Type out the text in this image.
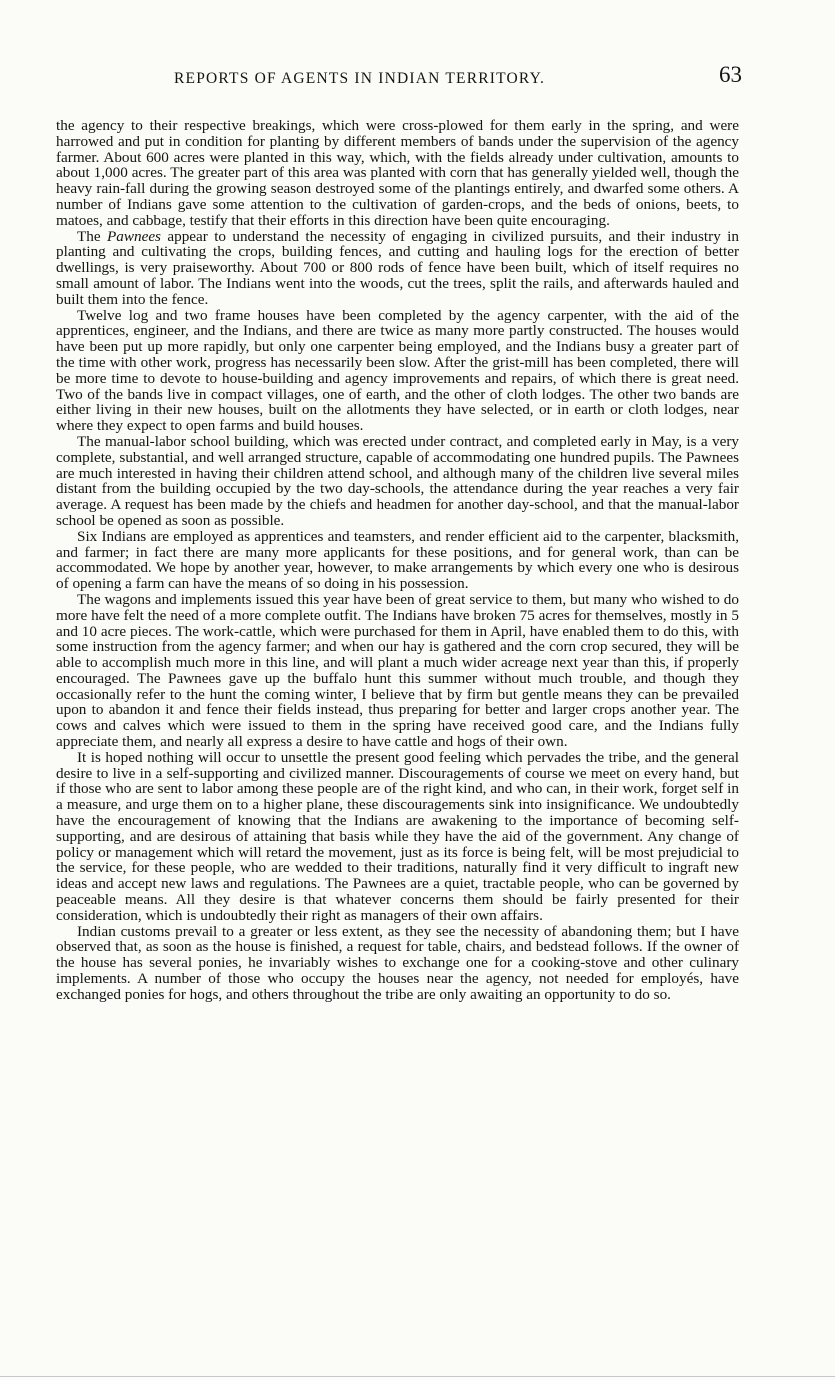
REPORTS OF AGENTS IN INDIAN TERRITORY.	63

the agency to their respective breakings, which were cross-plowed for them early in the spring, and were harrowed and put in condition for planting by different members of bands under the supervision of the agency farmer. About 600 acres were planted in this way, which, with the fields already under cultivation, amounts to about 1,000 acres. The greater part of this area was planted with corn that has generally yielded well, though the heavy rain-fall during the growing season destroyed some of the plantings entirely, and dwarfed some others. A number of Indians gave some attention to the cultivation of garden-crops, and the beds of onions, beets, to matoes, and cabbage, testify that their efforts in this direction have been quite encouraging.

The Pawnees appear to understand the necessity of engaging in civilized pursuits, and their industry in planting and cultivating the crops, building fences, and cutting and hauling logs for the erection of better dwellings, is very praiseworthy. About 700 or 800 rods of fence have been built, which of itself requires no small amount of labor. The Indians went into the woods, cut the trees, split the rails, and afterwards hauled and built them into the fence.

Twelve log and two frame houses have been completed by the agency carpenter, with the aid of the apprentices, engineer, and the Indians, and there are twice as many more partly constructed. The houses would have been put up more rapidly, but only one carpenter being employed, and the Indians busy a greater part of the time with other work, progress has necessarily been slow. After the grist-mill has been completed, there will be more time to devote to house-building and agency improvements and repairs, of which there is great need. Two of the bands live in compact villages, one of earth, and the other of cloth lodges. The other two bands are either living in their new houses, built on the allotments they have selected, or in earth or cloth lodges, near where they expect to open farms and build houses.

The manual-labor school building, which was erected under contract, and completed early in May, is a very complete, substantial, and well arranged structure, capable of accommodating one hundred pupils. The Pawnees are much interested in having their children attend school, and although many of the children live several miles distant from the building occupied by the two day-schools, the attendance during the year reaches a very fair average. A request has been made by the chiefs and headmen for another day-school, and that the manual-labor school be opened as soon as possible.

Six Indians are employed as apprentices and teamsters, and render efficient aid to the carpenter, blacksmith, and farmer; in fact there are many more applicants for these positions, and for general work, than can be accommodated. We hope by another year, however, to make arrangements by which every one who is desirous of opening a farm can have the means of so doing in his possession.

The wagons and implements issued this year have been of great service to them, but many who wished to do more have felt the need of a more complete outfit. The Indians have broken 75 acres for themselves, mostly in 5 and 10 acre pieces. The work-cattle, which were purchased for them in April, have enabled them to do this, with some instruction from the agency farmer; and when our hay is gathered and the corn crop secured, they will be able to accomplish much more in this line, and will plant a much wider acreage next year than this, if properly encouraged. The Pawnees gave up the buffalo hunt this summer without much trouble, and though they occasionally refer to the hunt the coming winter, I believe that by firm but gentle means they can be prevailed upon to abandon it and fence their fields instead, thus preparing for better and larger crops another year. The cows and calves which were issued to them in the spring have received good care, and the Indians fully appreciate them, and nearly all express a desire to have cattle and hogs of their own.

It is hoped nothing will occur to unsettle the present good feeling which pervades the tribe, and the general desire to live in a self-supporting and civilized manner. Discouragements of course we meet on every hand, but if those who are sent to labor among these people are of the right kind, and who can, in their work, forget self in a measure, and urge them on to a higher plane, these discouragements sink into insignificance. We undoubtedly have the encouragement of knowing that the Indians are awakening to the importance of becoming self-supporting, and are desirous of attaining that basis while they have the aid of the government. Any change of policy or management which will retard the movement, just as its force is being felt, will be most prejudicial to the service, for these people, who are wedded to their traditions, naturally find it very difficult to ingraft new ideas and accept new laws and regulations. The Pawnees are a quiet, tractable people, who can be governed by peaceable means. All they desire is that whatever concerns them should be fairly presented for their consideration, which is undoubtedly their right as managers of their own affairs.

Indian customs prevail to a greater or less extent, as they see the necessity of abandoning them; but I have observed that, as soon as the house is finished, a request for table, chairs, and bedstead follows. If the owner of the house has several ponies, he invariably wishes to exchange one for a cooking-stove and other culinary implements. A number of those who occupy the houses near the agency, not needed for employés, have exchanged ponies for hogs, and others throughout the tribe are only awaiting an opportunity to do so.
